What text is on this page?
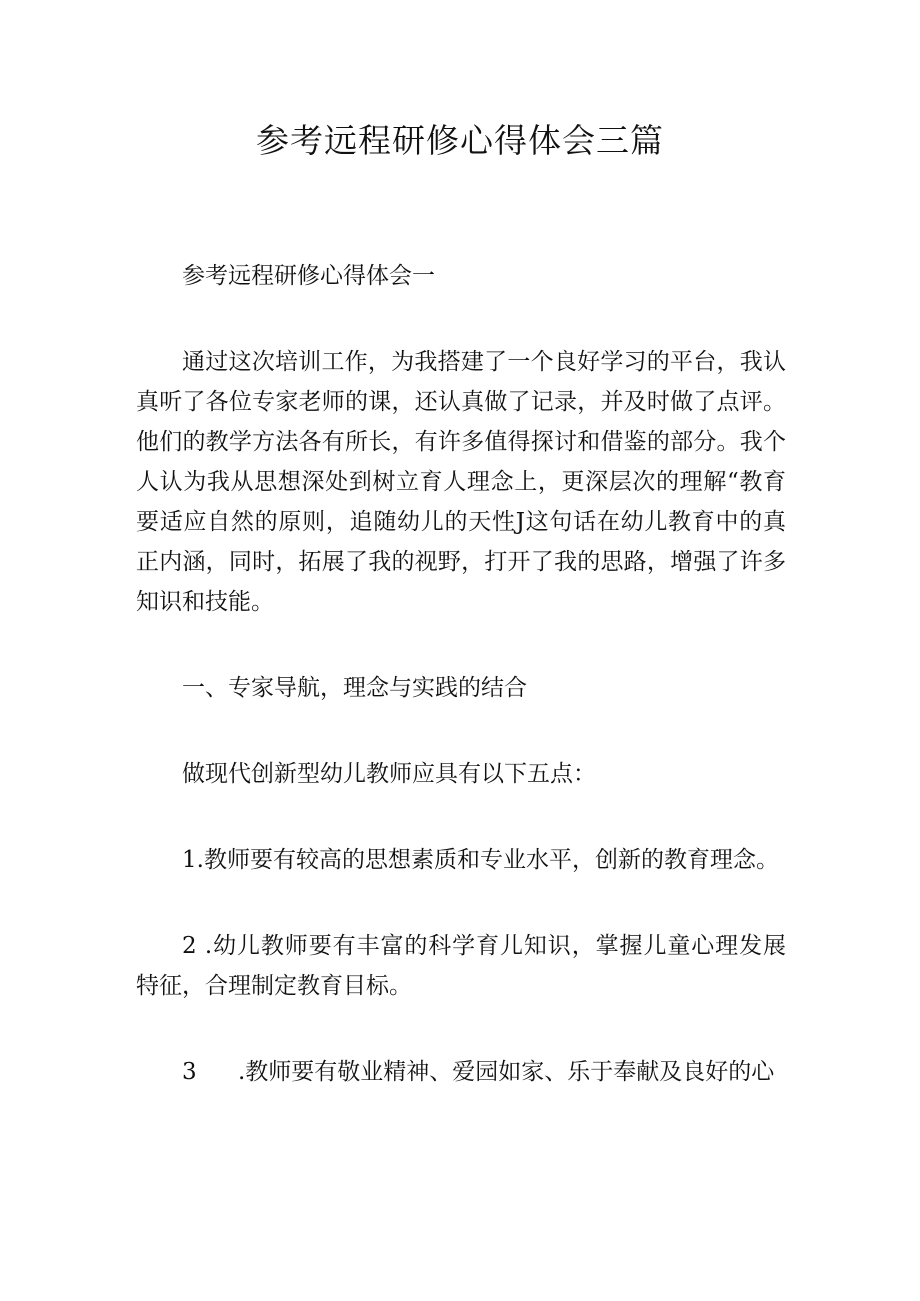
参考远程研修心得体会三篇

参考远程研修心得体会一

通过这次培训工作，为我搭建了一个良好学习的平台，我认真听了各位专家老师的课，还认真做了记录，并及时做了点评。他们的教学方法各有所长，有许多值得探讨和借鉴的部分。我个人认为我从思想深处到树立育人理念上，更深层次的理解“教育要适应自然的原则，追随幼儿的天性J这句话在幼儿教育中的真正内涵，同时，拓展了我的视野，打开了我的思路，增强了许多知识和技能。

一、专家导航，理念与实践的结合

做现代创新型幼儿教师应具有以下五点：

1.教师要有较高的思想素质和专业水平，创新的教育理念。

2 .幼儿教师要有丰富的科学育儿知识，掌握儿童心理发展特征，合理制定教育目标。

3 .教师要有敬业精神、爱园如家、乐于奉献及良好的心
